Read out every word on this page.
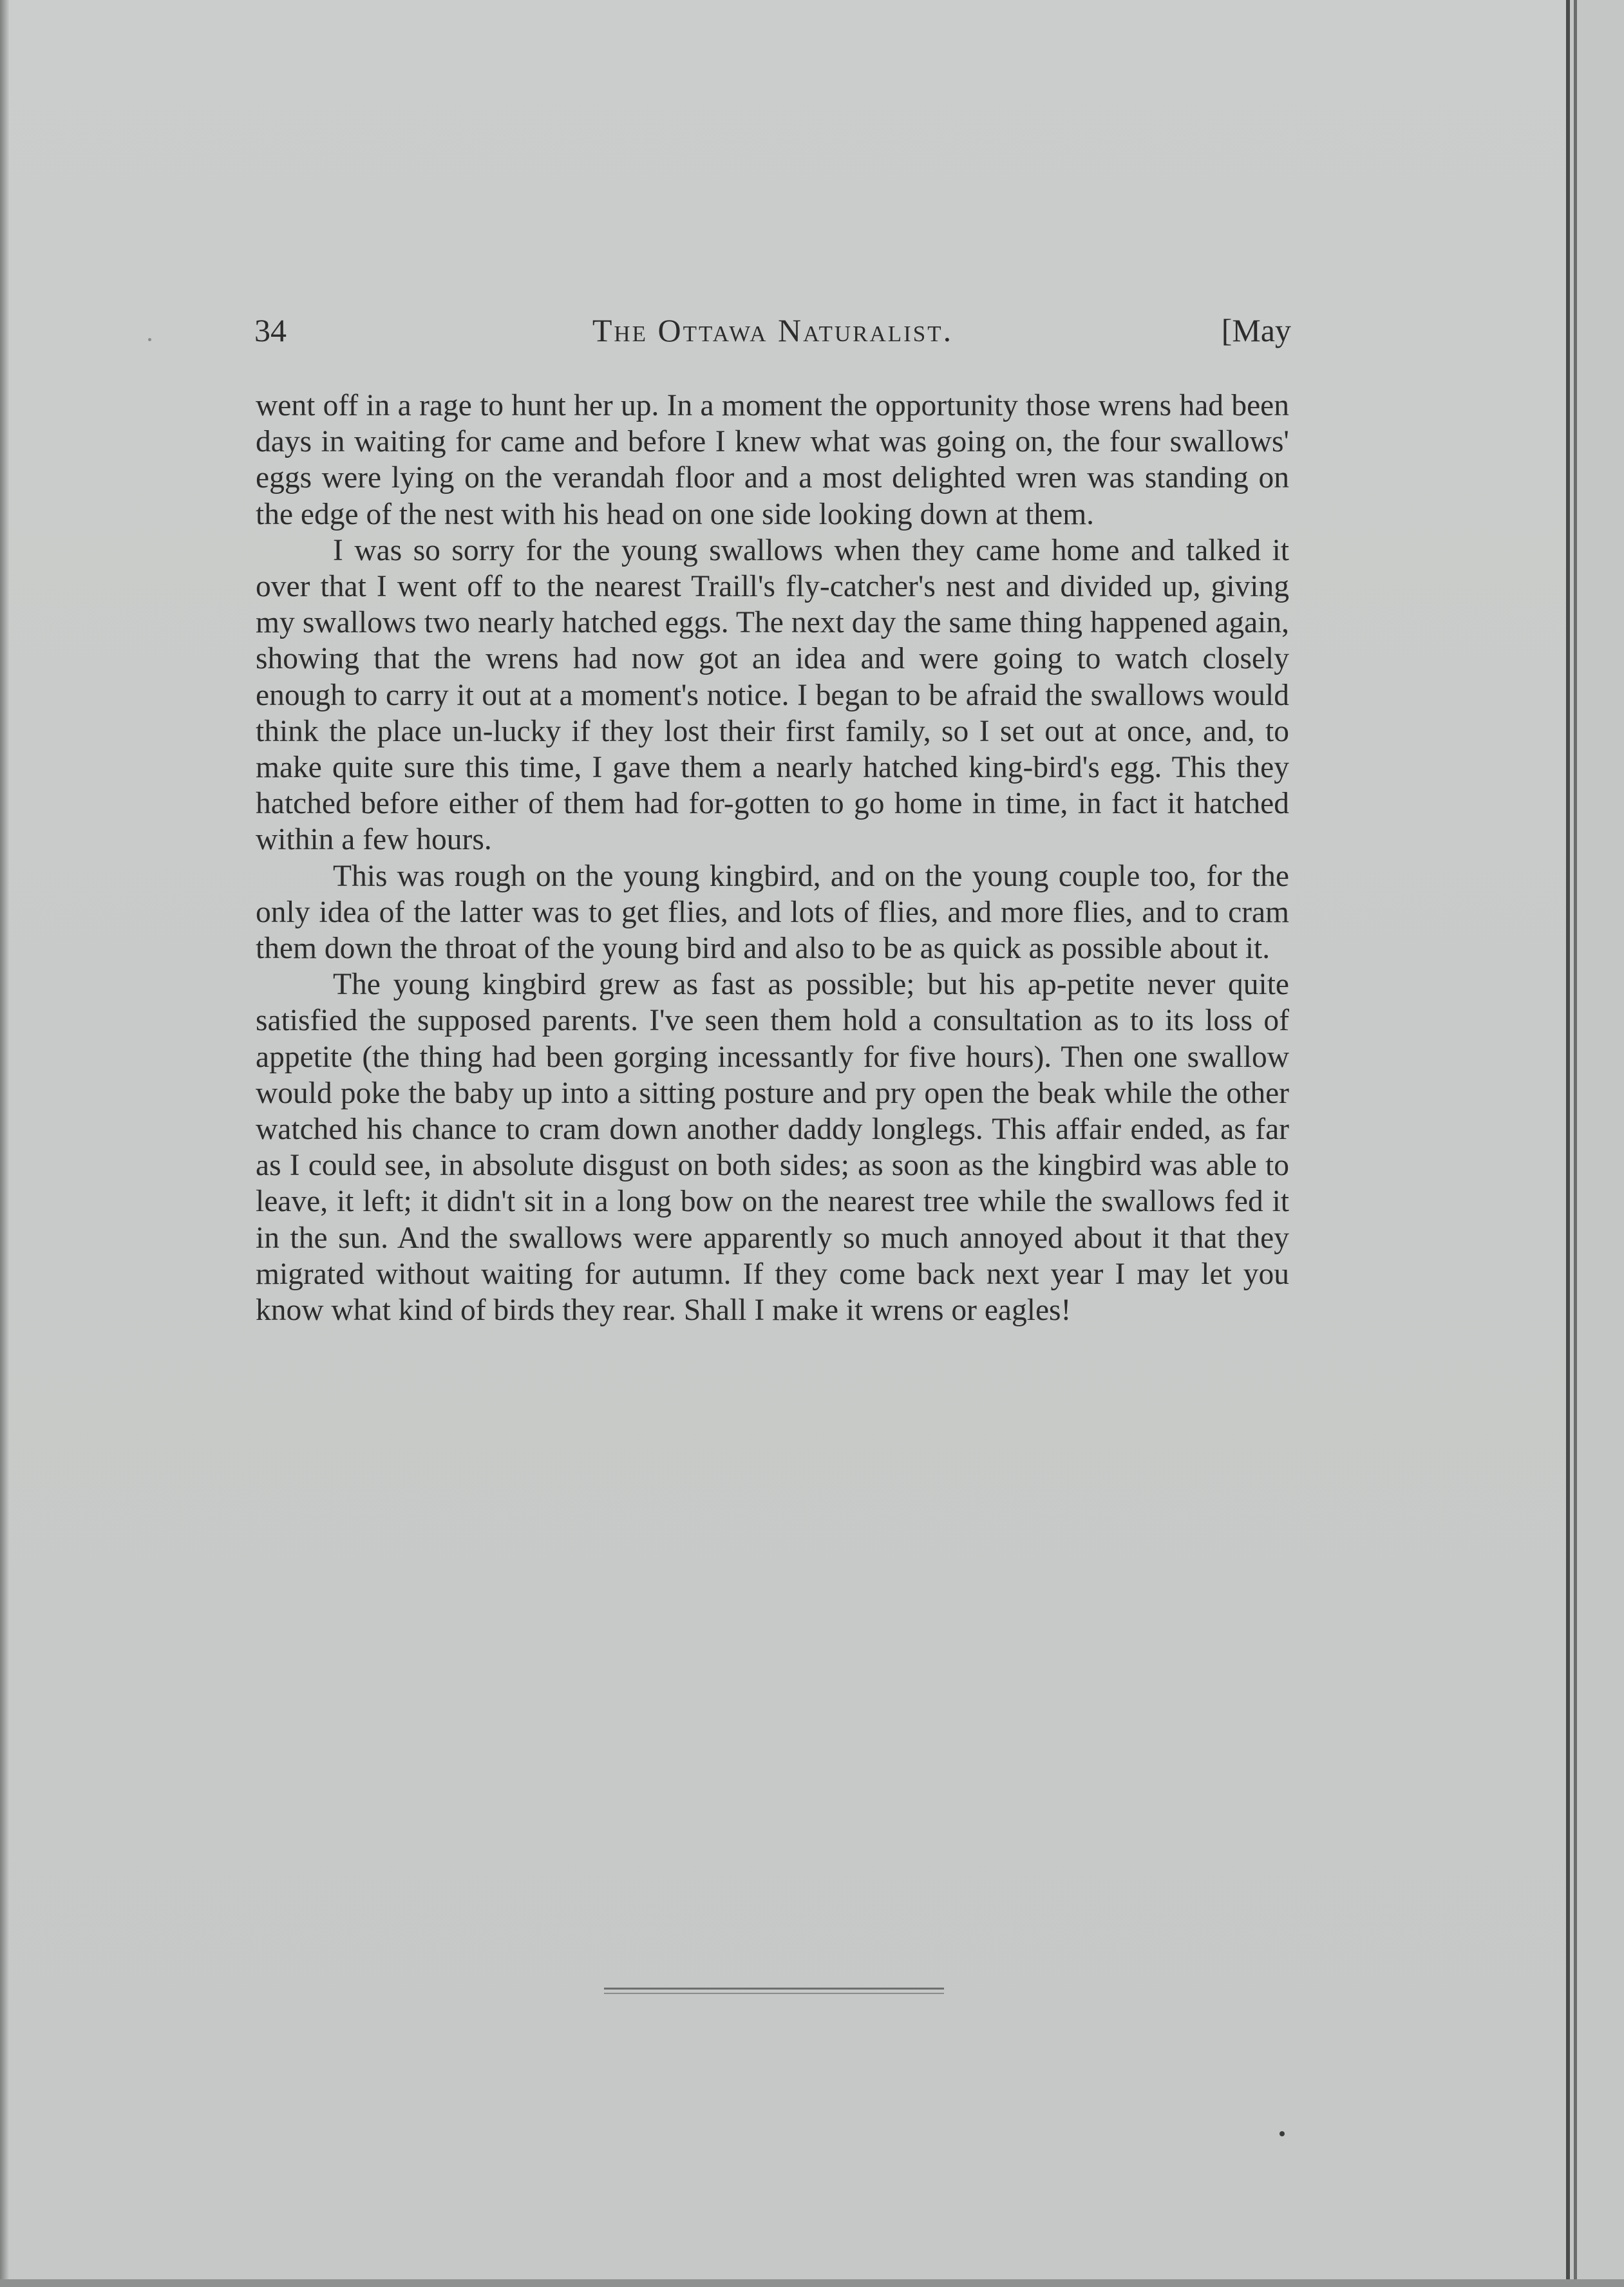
34	The Ottawa Naturalist.	[May

went off in a rage to hunt her up. In a moment the opportunity those wrens had been days in waiting for came and before I knew what was going on, the four swallows' eggs were lying on the verandah floor and a most delighted wren was standing on the edge of the nest with his head on one side looking down at them.

I was so sorry for the young swallows when they came home and talked it over that I went off to the nearest Traill's fly-catcher's nest and divided up, giving my swallows two nearly hatched eggs. The next day the same thing happened again, showing that the wrens had now got an idea and were going to watch closely enough to carry it out at a moment's notice. I began to be afraid the swallows would think the place un-lucky if they lost their first family, so I set out at once, and, to make quite sure this time, I gave them a nearly hatched king-bird's egg. This they hatched before either of them had for-gotten to go home in time, in fact it hatched within a few hours.

This was rough on the young kingbird, and on the young couple too, for the only idea of the latter was to get flies, and lots of flies, and more flies, and to cram them down the throat of the young bird and also to be as quick as possible about it.

The young kingbird grew as fast as possible; but his ap-petite never quite satisfied the supposed parents. I've seen them hold a consultation as to its loss of appetite (the thing had been gorging incessantly for five hours). Then one swallow would poke the baby up into a sitting posture and pry open the beak while the other watched his chance to cram down another daddy longlegs. This affair ended, as far as I could see, in absolute disgust on both sides; as soon as the kingbird was able to leave, it left; it didn't sit in a long bow on the nearest tree while the swallows fed it in the sun. And the swallows were apparently so much annoyed about it that they migrated without waiting for autumn. If they come back next year I may let you know what kind of birds they rear. Shall I make it wrens or eagles!
